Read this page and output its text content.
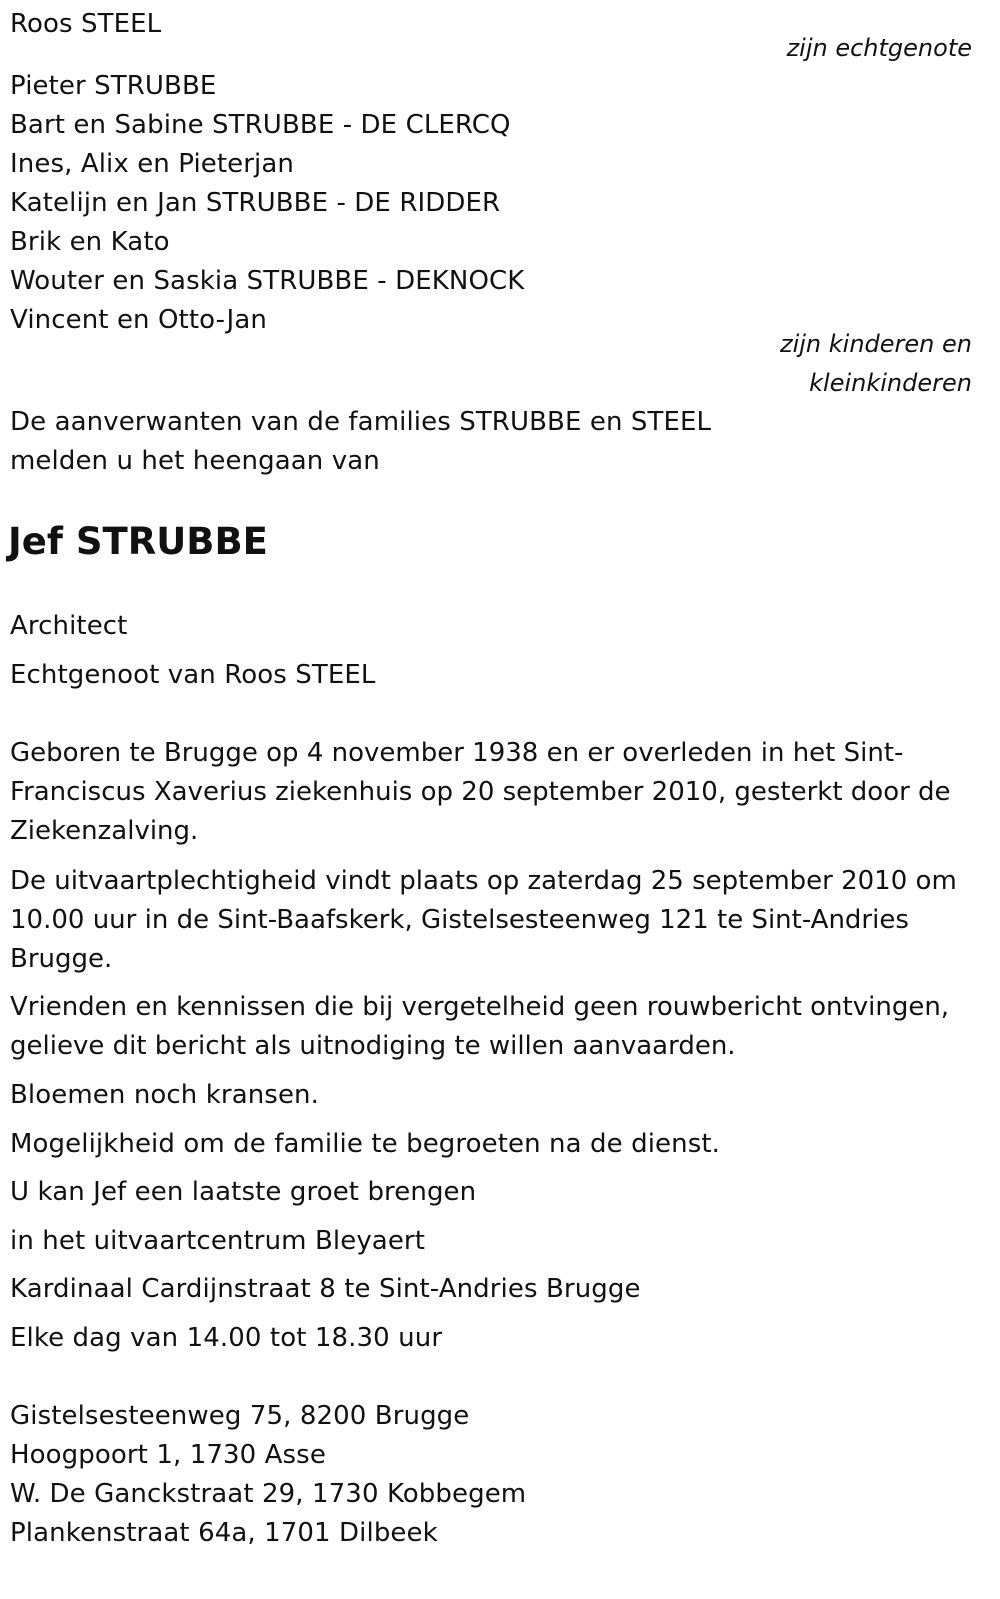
Roos STEEL
zijn echtgenote
Pieter STRUBBE
Bart en Sabine STRUBBE - DE CLERCQ
Ines, Alix en Pieterjan
Katelijn en Jan STRUBBE - DE RIDDER
Brik en Kato
Wouter en Saskia STRUBBE - DEKNOCK
Vincent en Otto-Jan
zijn kinderen en
kleinkinderen
De aanverwanten van de families STRUBBE en STEEL
melden u het heengaan van
Jef STRUBBE
Architect
Echtgenoot van Roos STEEL
Geboren te Brugge op 4 november 1938 en er overleden in het Sint-Franciscus Xaverius ziekenhuis op 20 september 2010, gesterkt door de Ziekenzalving.
De uitvaartplechtigheid vindt plaats op zaterdag 25 september 2010 om 10.00 uur in de Sint-Baafskerk, Gistelsesteenweg 121 te Sint-Andries Brugge.
Vrienden en kennissen die bij vergetelheid geen rouwbericht ontvingen, gelieve dit bericht als uitnodiging te willen aanvaarden.
Bloemen noch kransen.
Mogelijkheid om de familie te begroeten na de dienst.
U kan Jef een laatste groet brengen
in het uitvaartcentrum Bleyaert
Kardinaal Cardijnstraat 8 te Sint-Andries Brugge
Elke dag van 14.00 tot 18.30 uur
Gistelsesteenweg 75, 8200 Brugge
Hoogpoort 1, 1730 Asse
W. De Ganckstraat 29, 1730 Kobbegem
Plankenstraat 64a, 1701 Dilbeek
